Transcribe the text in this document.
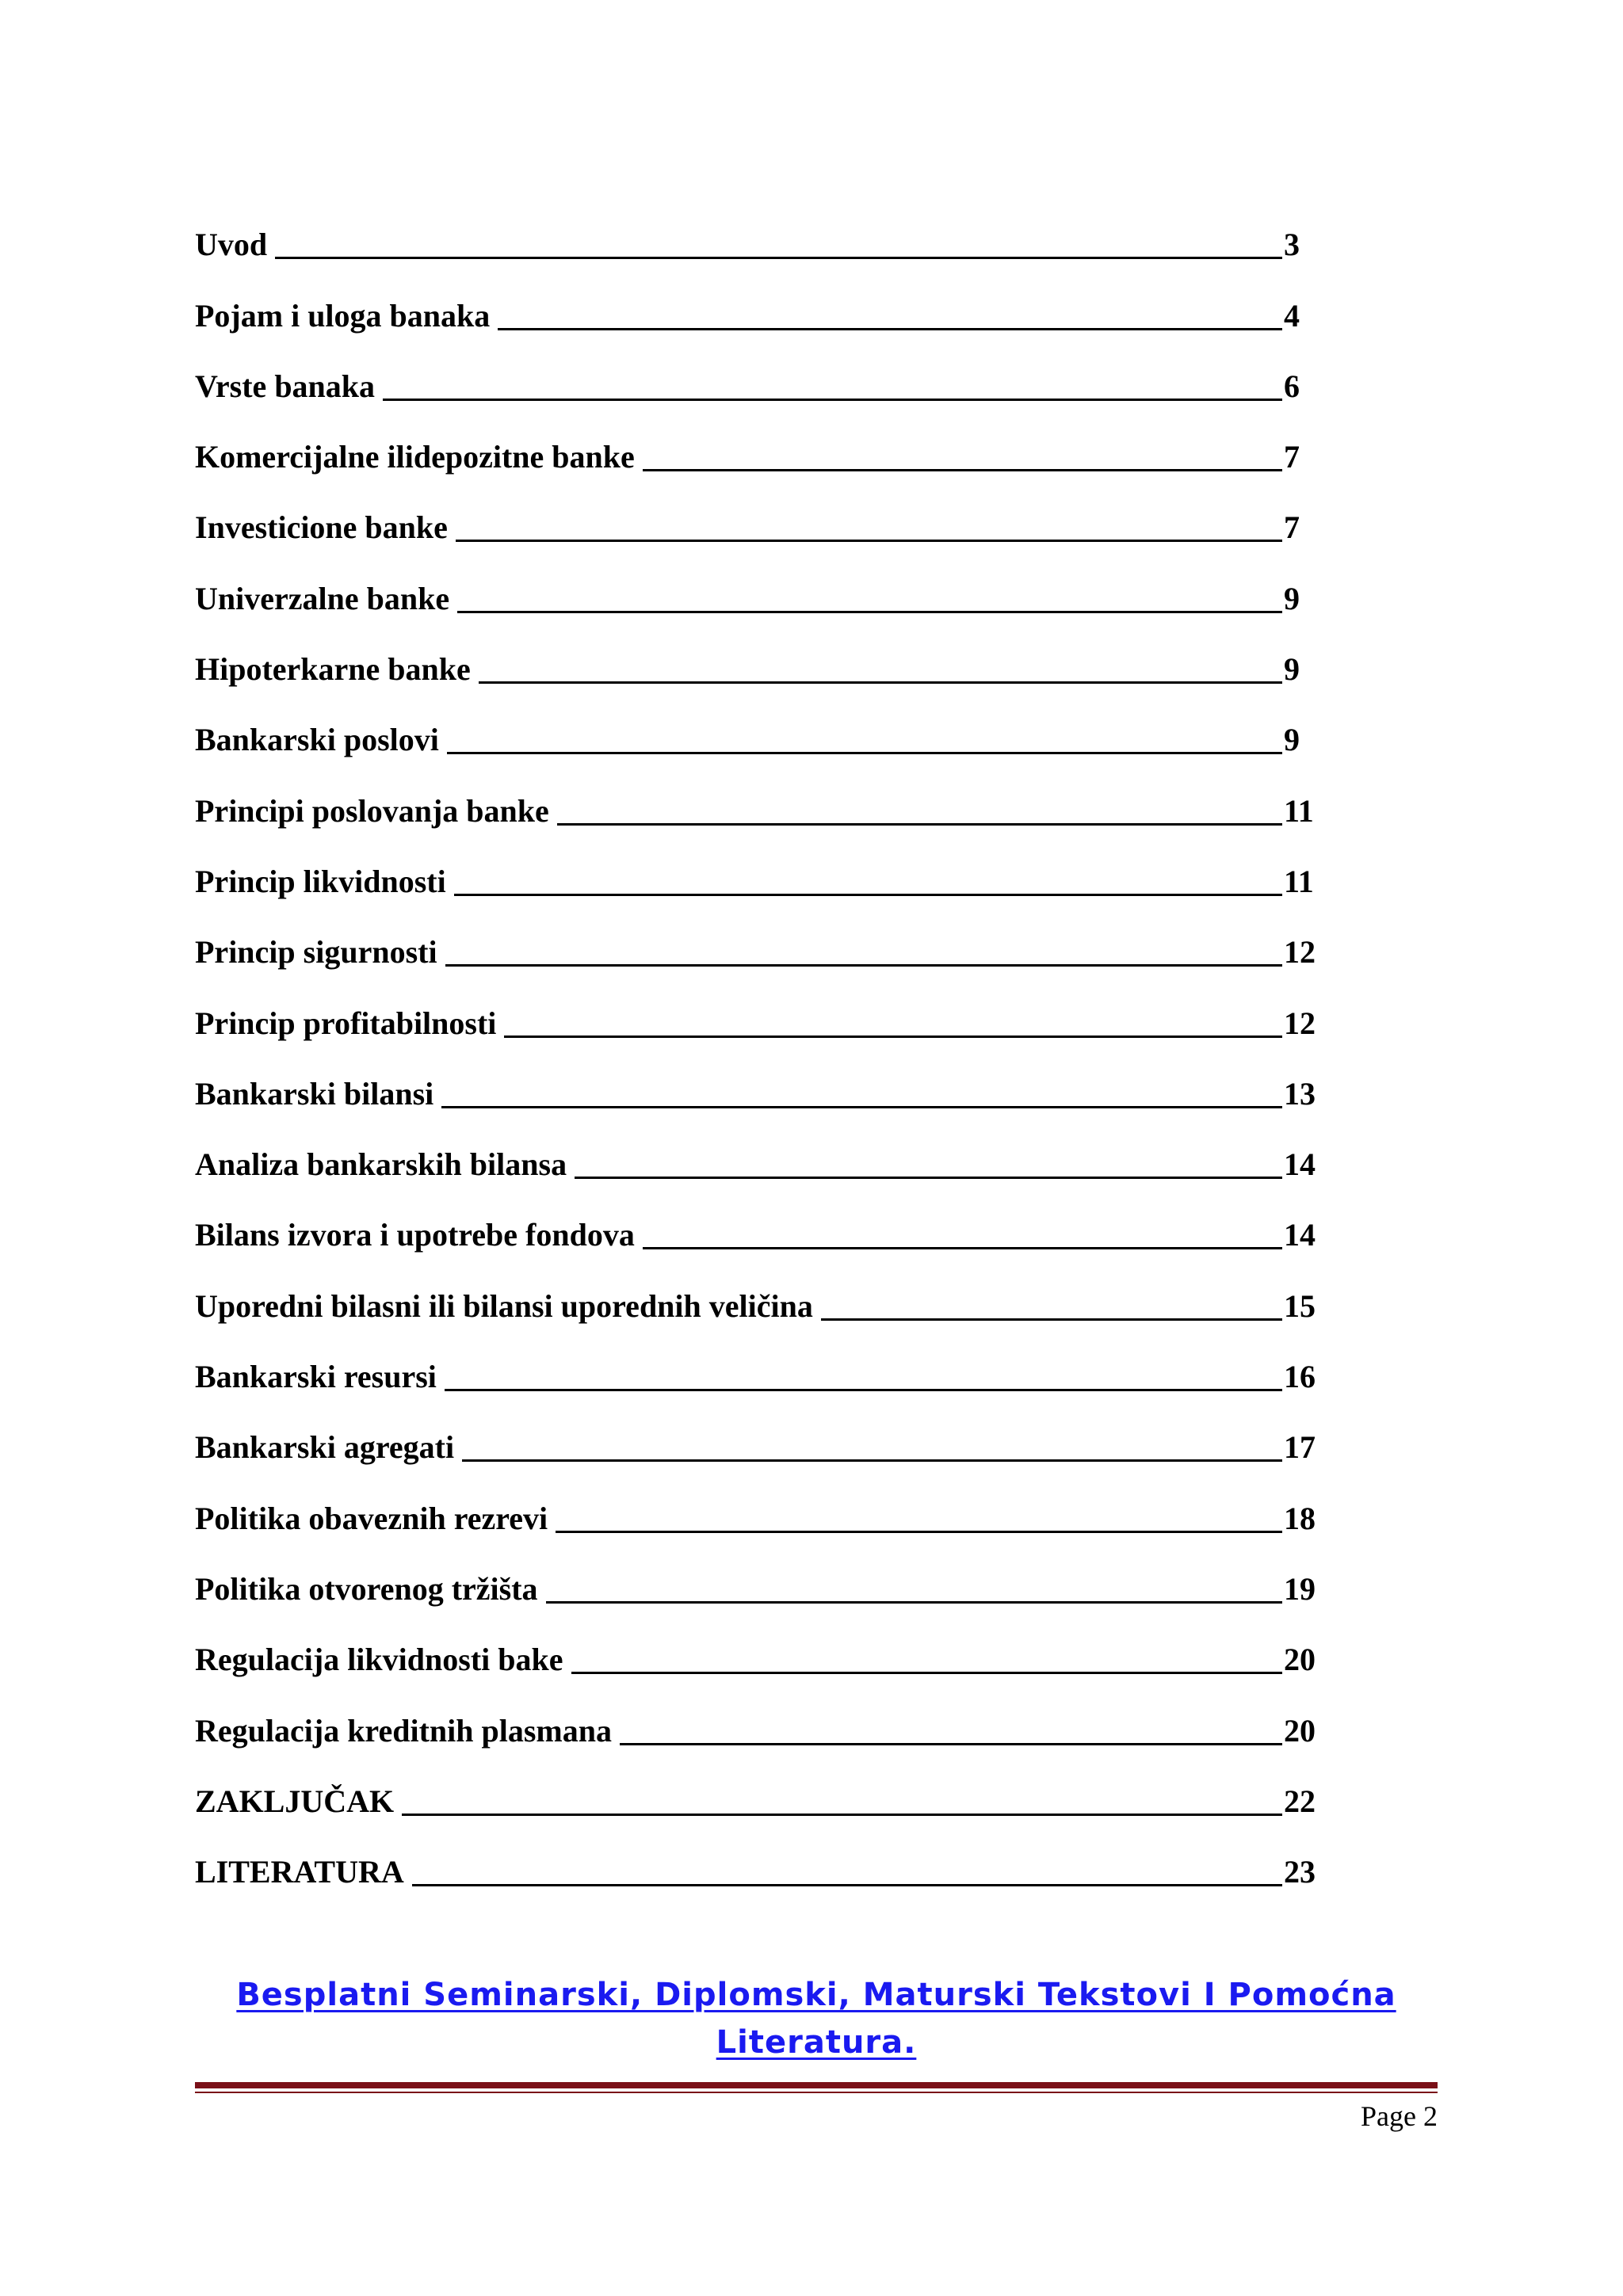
Uvod	3
Pojam i uloga banaka	4
Vrste banaka	6
Komercijalne ilidepozitne banke	7
Investicione banke	7
Univerzalne banke	9
Hipoterkarne banke	9
Bankarski poslovi	9
Principi poslovanja banke	11
Princip likvidnosti	11
Princip sigurnosti	12
Princip profitabilnosti	12
Bankarski bilansi	13
Analiza bankarskih bilansa	14
Bilans izvora i upotrebe fondova	14
Uporedni bilasni ili bilansi uporednih veličina	15
Bankarski resursi	16
Bankarski agregati	17
Politika obaveznih rezrevi	18
Politika otvorenog tržišta	19
Regulacija likvidnosti bake	20
Regulacija kreditnih plasmana	20
ZAKLJUČAK	22
LITERATURA	23
Besplatni Seminarski, Diplomski, Maturski Tekstovi I Pomoćna
Literatura.
Page 2
